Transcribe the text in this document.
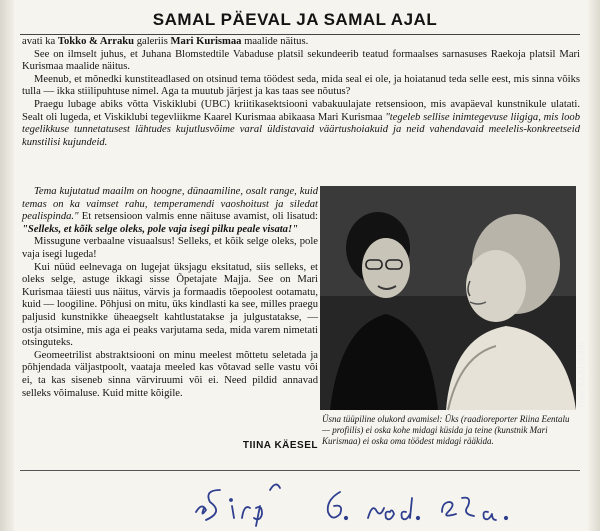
SAMAL PÄEVAL JA SAMAL AJAL

avati ka Tokko & Arraku galeriis Mari Kurismaa maalide näitus.

See on ilmselt juhus, et Juhana Blomstedtile Vabaduse platsil sekundeerib teatud formaalses sarnasuses Raekoja platsil Mari Kurismaa maalide näitus.

Meenub, et mõnedki kunstiteadlased on otsinud tema töödest seda, mida seal ei ole, ja hoiatanud teda selle eest, mis sinna võiks tulla — ikka stiilipuhtuse nimel. Aga ta muutub järjest ja kas taas see nõutus?

Praegu lubage abiks võtta Viskiklubi (UBC) kriitikasektsiooni vabakuulajate retsensioon, mis avapäeval kunstnikule ulatati. Sealt oli lugeda, et Viskiklubi tegevliikme Kaarel Kurismaa abikaasa Mari Kurismaa "tegeleb sellise inimtegevuse liigiga, mis loob tegelikkuse tunnetatusest lähtudes kujutlusvõime varal üldistavaid väärtushoiakuid ja neid vahendavaid meelelis-konkreetseid kunstilisi kujundeid.

Tema kujutatud maailm on hoogne, dünaamiline, osalt range, kuid temas on ka vaimset rahu, temperamendi vaoshoitust ja siledat pealispinda." Et retsensioon valmis enne näituse avamist, oli lisatud: "Selleks, et kõik selge oleks, pole vaja isegi pilku peale visata!"

Missugune verbaalne visuaalsus! Selleks, et kõik selge oleks, pole vaja isegi lugeda!

Kui nüüd eelnevaga on lugejat üksjagu eksitatud, siis selleks, et oleks selge, astuge ikkagi sisse Õpetajate Majja. See on Mari Kurismaa täiesti uus näitus, värvis ja formaadis tõepoolest ootamatu, kuid — loogiline. Põhjusi on mitu, üks kindlasti ka see, milles praegu paljusid kunstnikke üheaegselt kahtlustatakse ja julgustatakse, — ostja otsimine, mis aga ei peaks varjutama seda, mida varem nimetati otsinguteks.

Geomeetrilist abstraktsiooni on minu meelest mõttetu seletada ja põhjendada väljastpoolt, vaataja meeled kas võtavad selle vastu või ei, ta kas siseneb sinna värviruumi või ei. Need pildid annavad selleks võimaluse. Kuid mitte kõigile.	Foto: KAJU SUUR
Üsna tüüpiline olukord avamisel: Üks (raadioreporter Riina Eentalu — profiilis) ei oska kohe midagi küsida ja teine (kunstnik Mari Kurismaa) ei oska oma töödest midagi rääkida.
TIINA KÄESEL
